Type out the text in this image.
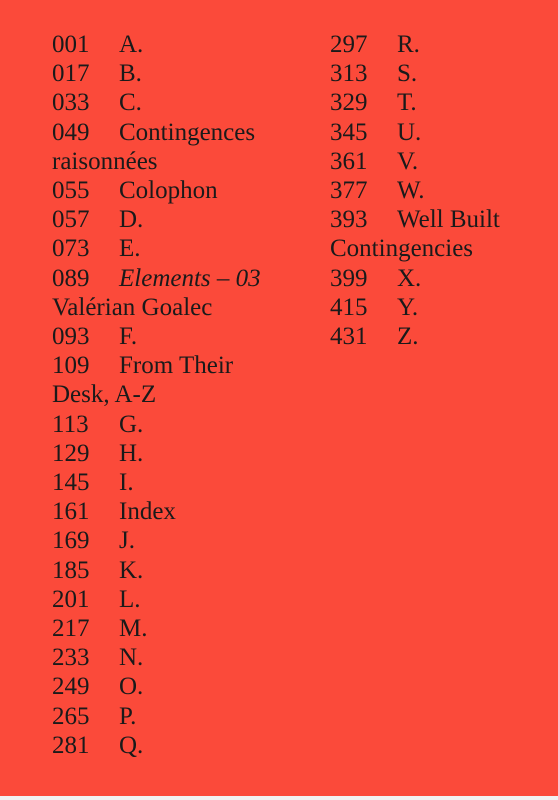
001 A.
017 B.
033 C.
049 Contingences
raisonnées
055 Colophon
057 D.
073 E.
089 Elements – 03
Valérian Goalec
093 F.
109 From Their
Desk, A-Z
113 G.
129 H.
145 I.
161 Index
169 J.
185 K.
201 L.
217 M.
233 N.
249 O.
265 P.
281 Q.
297 R.
313 S.
329 T.
345 U.
361 V.
377 W.
393 Well Built
Contingencies
399 X.
415 Y.
431 Z.
